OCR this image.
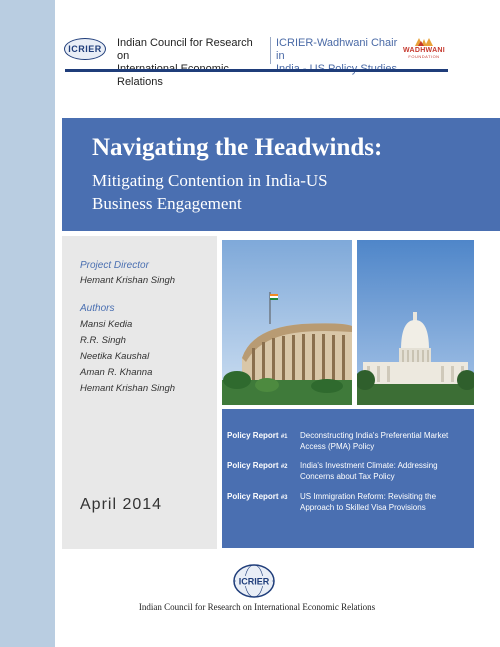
ICRIER Indian Council for Research on
Relations
ICRIER-Wadhwani Chair in	WADHWANI
FOUNDATION
Navigating the Headwinds:
Mitigating Contention in India-US
Business Engagement
Project Director
Hemant Krishan Singh
Authors
Mansi Kedia
R.R. Singh
Neetika Kaushal
Aman R. Khanna
Hemant Krishan Singh
April 2014
Policy Report #1 Deconstructing India's Preferential Market
Access (PMA) Policy
Policy Report #2 India's Investment Climate: Addressing
Concerns about Tax Policy
Policy Report #3 US Immigration Reform: Revisiting the
Approach to Skilled Visa Provisions
ICRIER
Indian Council for Research on International Economic Relations
